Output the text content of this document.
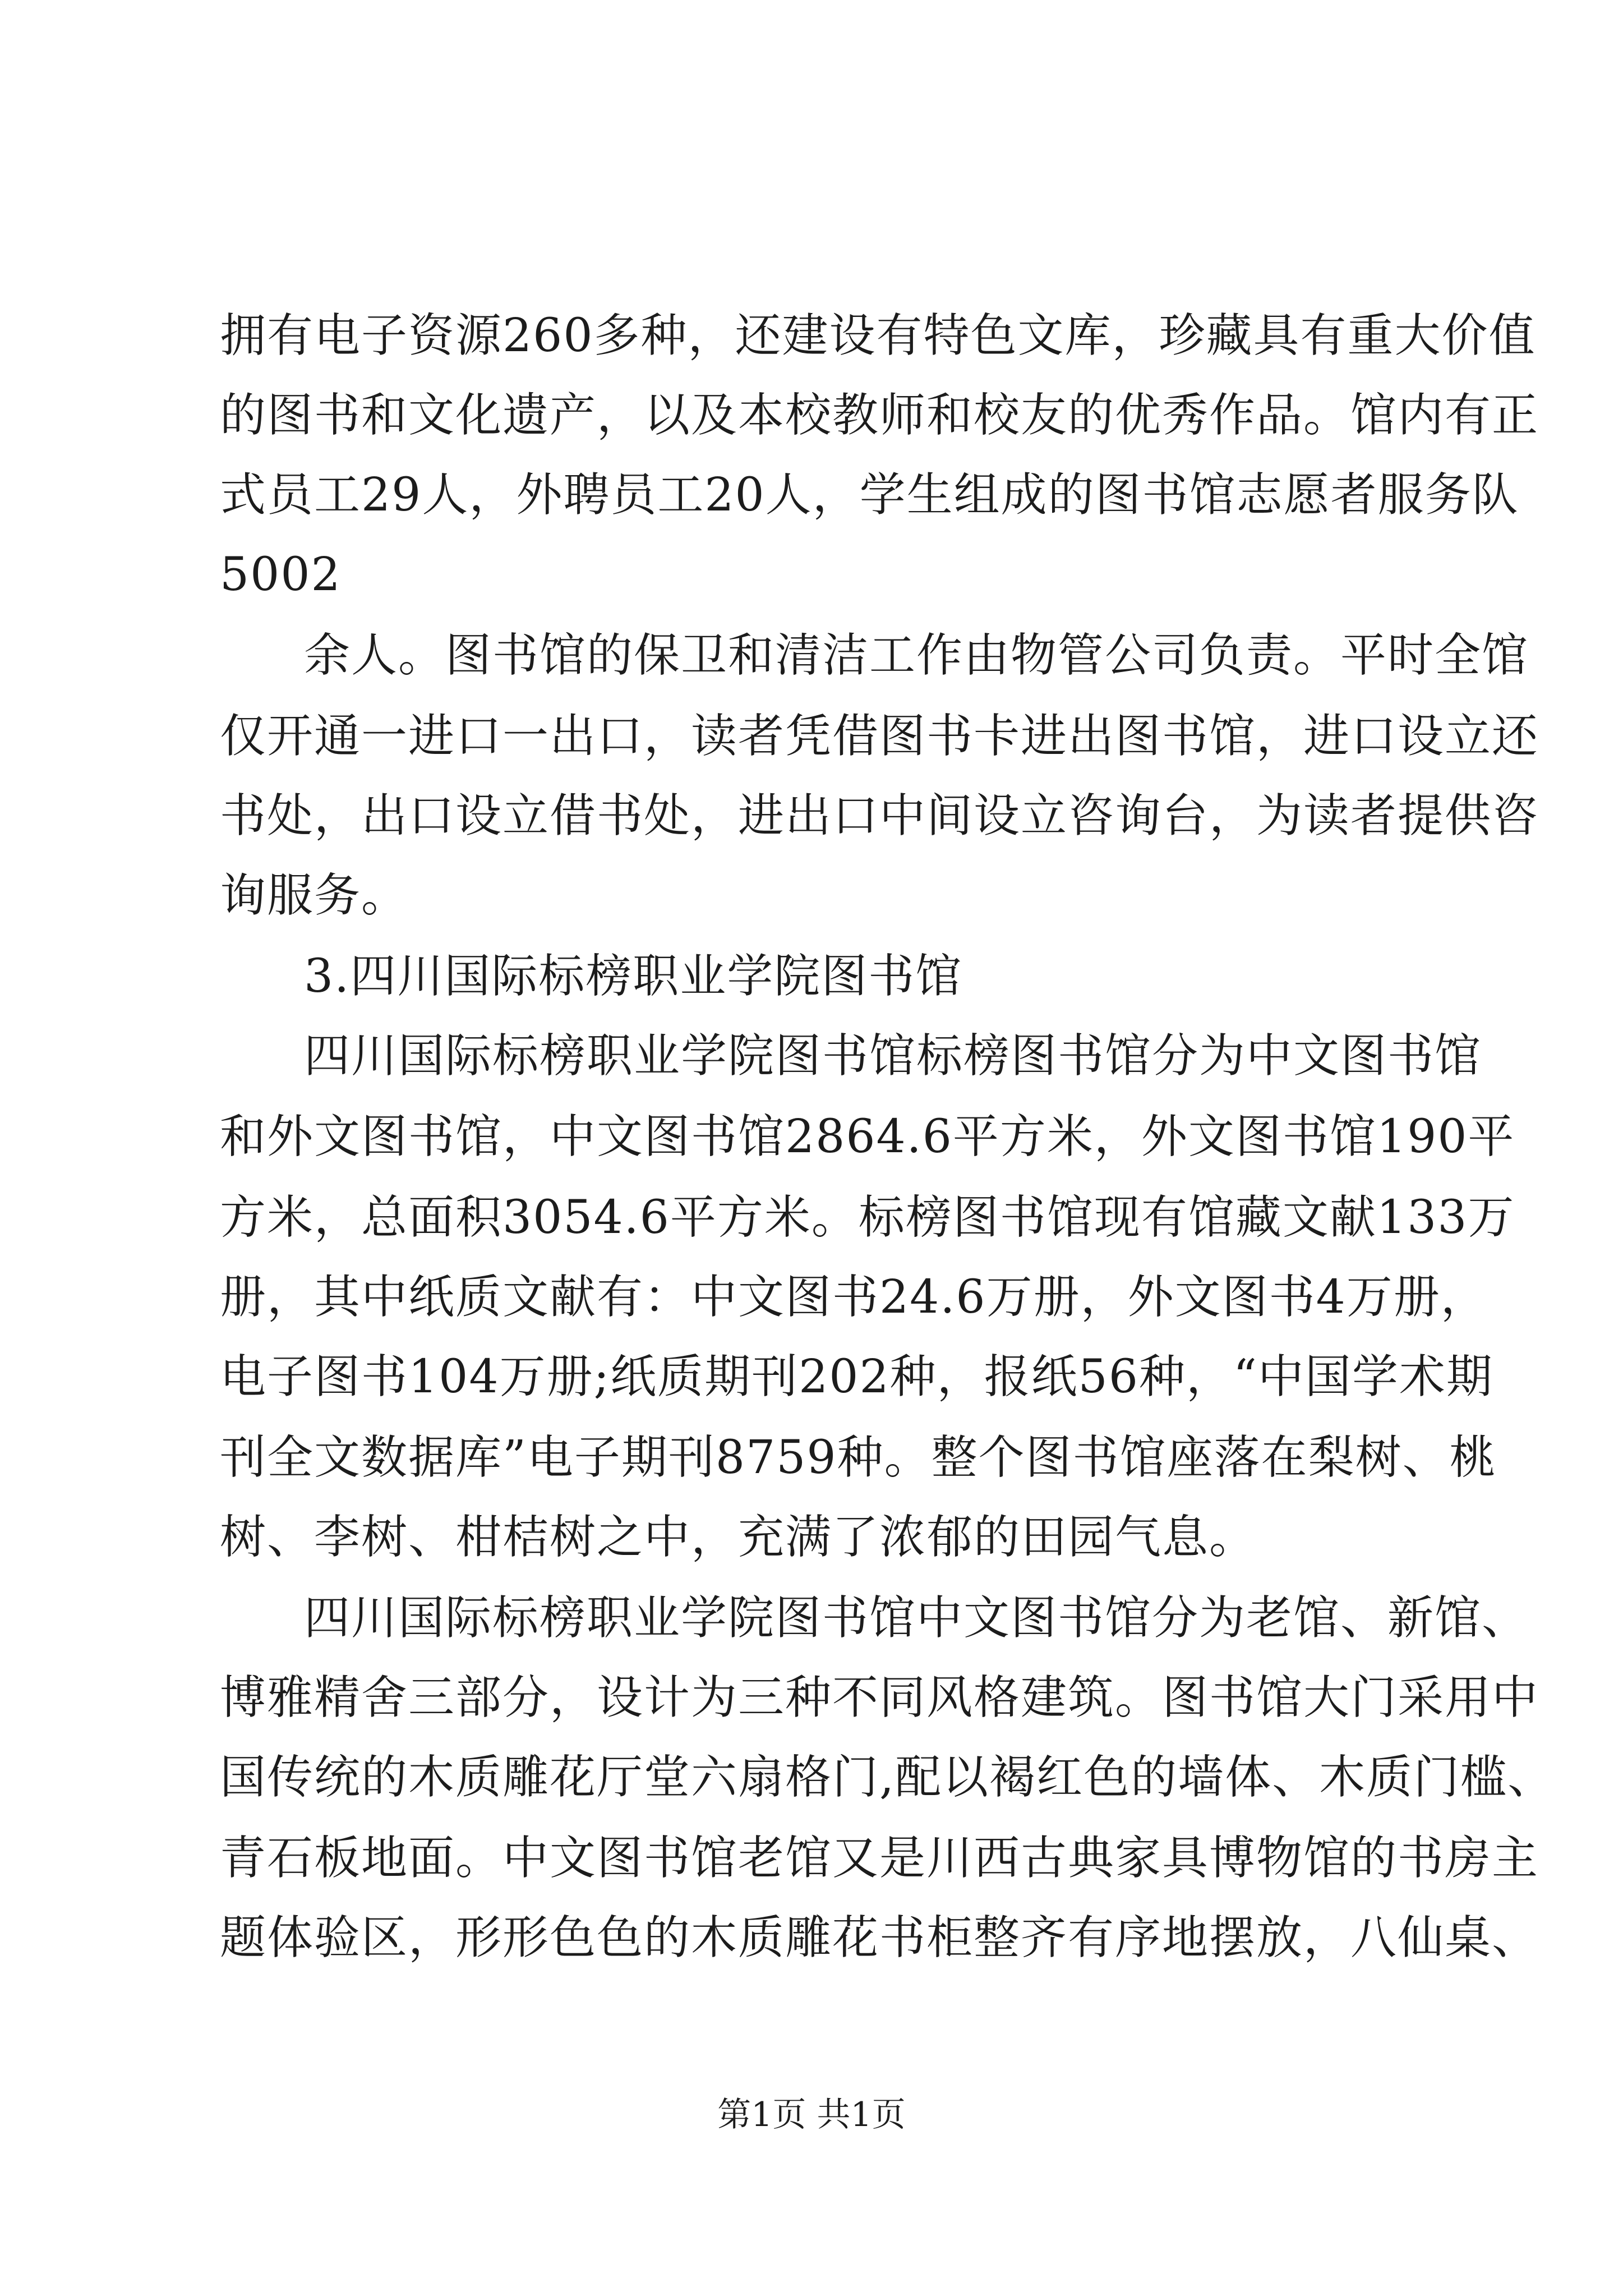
拥有电子资源260多种，还建设有特色文库，珍藏具有重大价值
的图书和文化遗产，以及本校教师和校友的优秀作品。馆内有正
式员工29人，外聘员工20人，学生组成的图书馆志愿者服务队
5002
余人。图书馆的保卫和清洁工作由物管公司负责。平时全馆
仅开通一进口一出口，读者凭借图书卡进出图书馆，进口设立还
书处，出口设立借书处，进出口中间设立咨询台，为读者提供咨
询服务。
3.四川国际标榜职业学院图书馆
四川国际标榜职业学院图书馆标榜图书馆分为中文图书馆
和外文图书馆，中文图书馆2864.6平方米，外文图书馆190平
方米，总面积3054.6平方米。标榜图书馆现有馆藏文献133万
册，其中纸质文献有：中文图书24.6万册，外文图书4万册，
电子图书104万册;纸质期刊202种，报纸56种，“中国学术期
刊全文数据库”电子期刊8759种。整个图书馆座落在梨树、桃
树、李树、柑桔树之中，充满了浓郁的田园气息。
四川国际标榜职业学院图书馆中文图书馆分为老馆、新馆、
博雅精舍三部分，设计为三种不同风格建筑。图书馆大门采用中
国传统的木质雕花厅堂六扇格门,配以褐红色的墙体、木质门槛、
青石板地面。中文图书馆老馆又是川西古典家具博物馆的书房主
题体验区，形形色色的木质雕花书柜整齐有序地摆放，八仙桌、
第1页 共1页
